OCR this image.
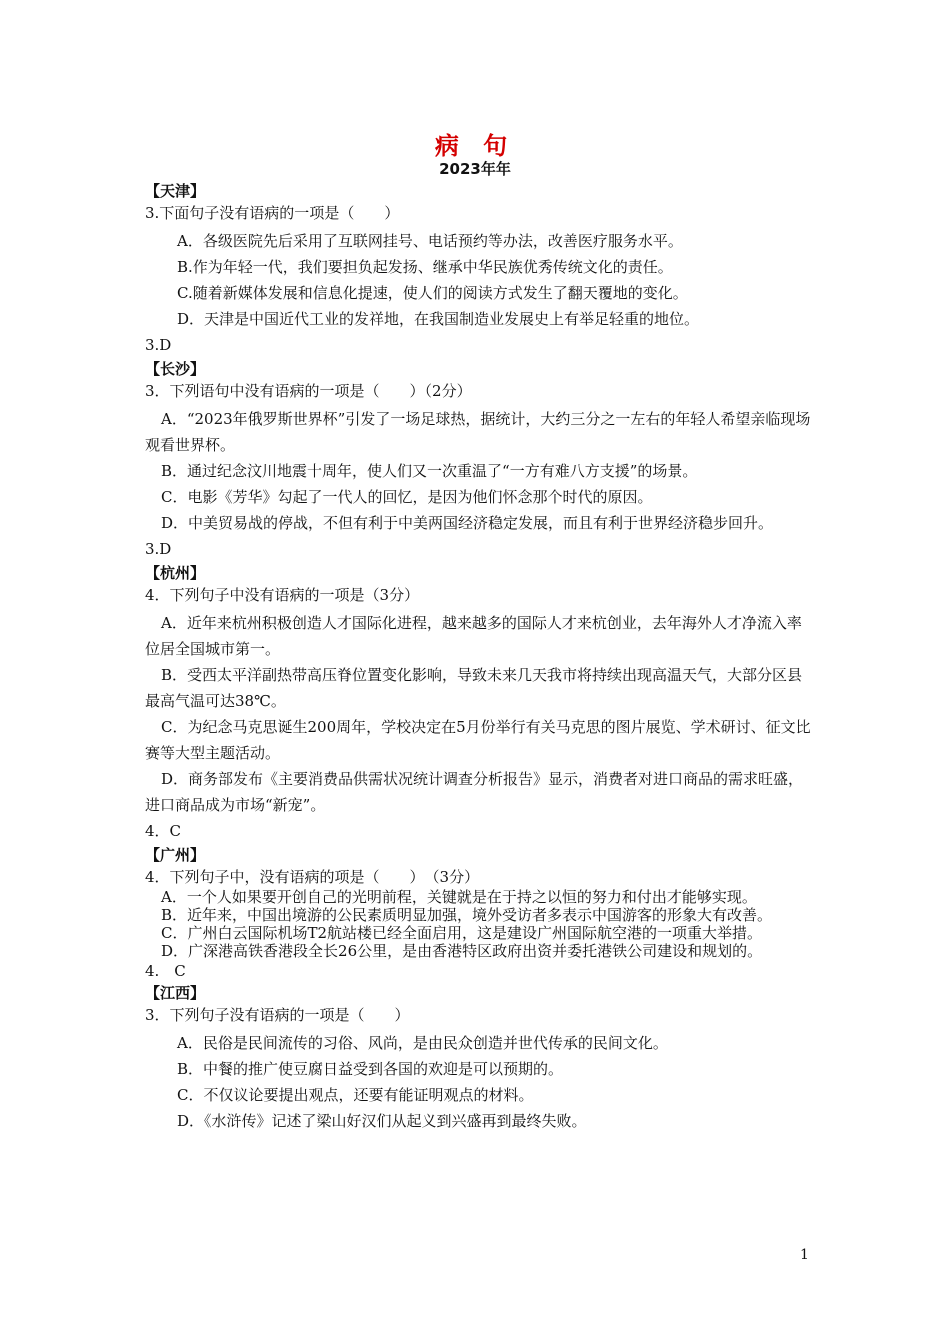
病 句
2023年年
【天津】
3.下面句子没有语病的一项是（　　）
A．各级医院先后采用了互联网挂号、电话预约等办法，改善医疗服务水平。
B.作为年轻一代，我们要担负起发扬、继承中华民族优秀传统文化的责任。
C.随着新媒体发展和信息化提速，使人们的阅读方式发生了翻天覆地的变化。
D．天津是中国近代工业的发祥地，在我国制造业发展史上有举足轻重的地位。
3.D
【长沙】
3．下列语句中没有语病的一项是（　　）（2分）
A．“2023年俄罗斯世界杯”引发了一场足球热，据统计，大约三分之一左右的年轻人希望亲临现场观看世界杯。
B．通过纪念汶川地震十周年，使人们又一次重温了“一方有难八方支援”的场景。
C．电影《芳华》勾起了一代人的回忆，是因为他们怀念那个时代的原因。
D．中美贸易战的停战，不但有利于中美两国经济稳定发展，而且有利于世界经济稳步回升。
3.D
【杭州】
4．下列句子中没有语病的一项是（3分）
A．近年来杭州积极创造人才国际化进程，越来越多的国际人才来杭创业，去年海外人才净流入率位居全国城市第一。
B．受西太平洋副热带高压脊位置变化影响，导致未来几天我市将持续出现高温天气，大部分区县最高气温可达38℃。
C．为纪念马克思诞生200周年，学校决定在5月份举行有关马克思的图片展览、学术研讨、征文比赛等大型主题活动。
D．商务部发布《主要消费品供需状况统计调查分析报告》显示，消费者对进口商品的需求旺盛，进口商品成为市场“新宠”。
4．C
【广州】
4．下列句子中，没有语病的项是（　　）　（3分）
A．一个人如果要开创自己的光明前程，关键就是在于持之以恒的努力和付出才能够实现。
B．近年来，中国出境游的公民素质明显加强，境外受访者多表示中国游客的形象大有改善。
C．广州白云国际机场T2航站楼已经全面启用，这是建设广州国际航空港的一项重大举措。
D．广深港高铁香港段全长26公里，是由香港特区政府出资并委托港铁公司建设和规划的。
4.　C
【江西】
3．下列句子没有语病的一项是（　　）
A．民俗是民间流传的习俗、风尚，是由民众创造并世代传承的民间文化。
B．中餐的推广使豆腐日益受到各国的欢迎是可以预期的。
C．不仅议论要提出观点，还要有能证明观点的材料。
D．《水浒传》记述了梁山好汉们从起义到兴盛再到最终失败。
1
